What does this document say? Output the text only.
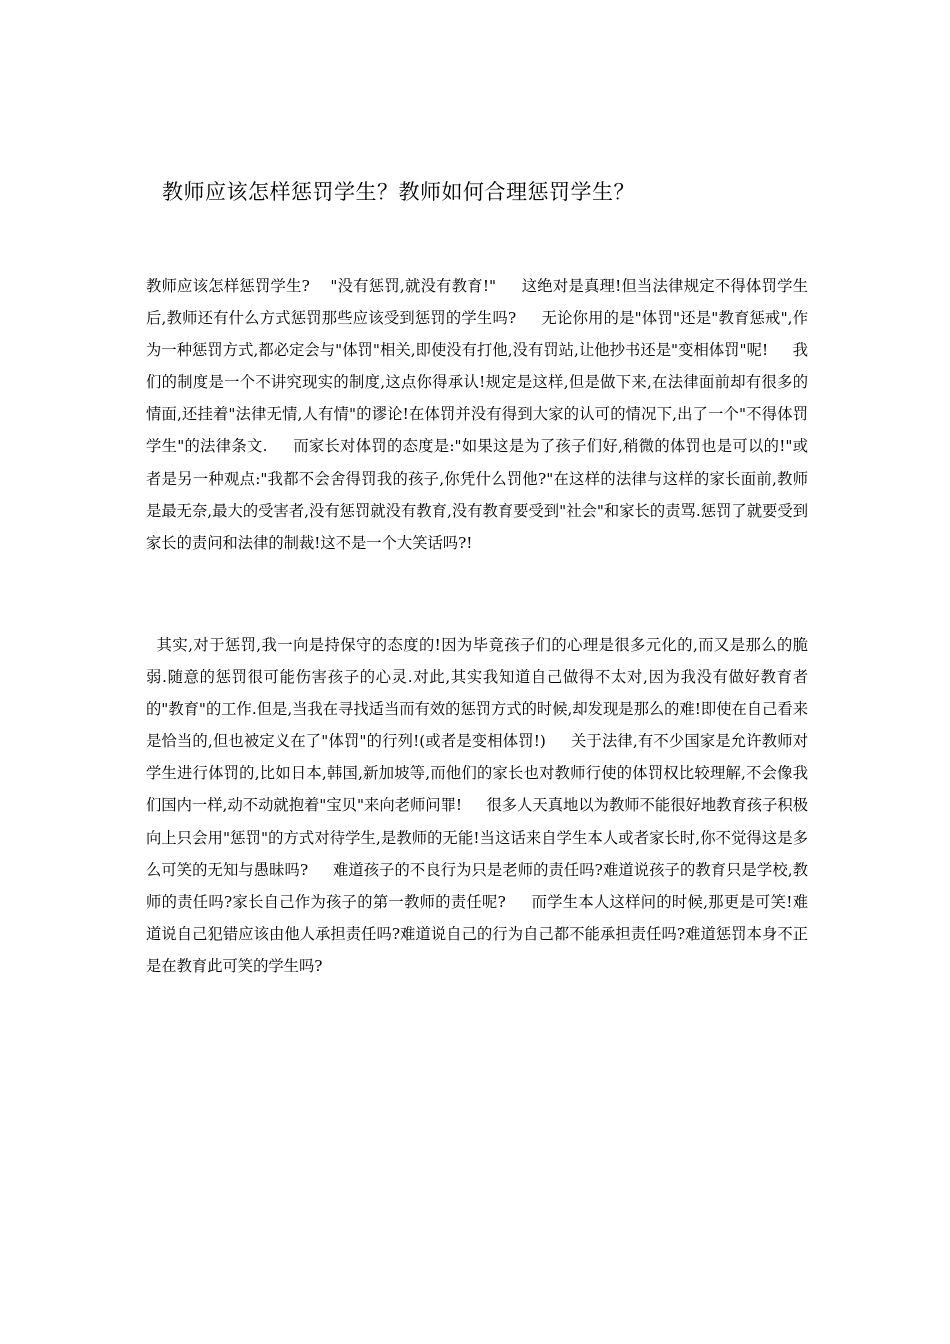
教师应该怎样惩罚学生？教师如何合理惩罚学生？

教师应该怎样惩罚学生?    "没有惩罚,就没有教育!"     这绝对是真理!但当法律规定不得体罚学生后,教师还有什么方式惩罚那些应该受到惩罚的学生吗?     无论你用的是"体罚"还是"教育惩戒",作为一种惩罚方式,都必定会与"体罚"相关,即使没有打他,没有罚站,让他抄书还是"变相体罚"呢!     我们的制度是一个不讲究现实的制度,这点你得承认!规定是这样,但是做下来,在法律面前却有很多的情面,还挂着"法律无情,人有情"的谬论!在体罚并没有得到大家的认可的情况下,出了一个"不得体罚学生"的法律条文.     而家长对体罚的态度是:"如果这是为了孩子们好,稍微的体罚也是可以的!"或者是另一种观点:"我都不会舍得罚我的孩子,你凭什么罚他?"在这样的法律与这样的家长面前,教师是最无奈,最大的受害者,没有惩罚就没有教育,没有教育要受到"社会"和家长的责骂.惩罚了就要受到家长的责问和法律的制裁!这不是一个大笑话吗?!

其实,对于惩罚,我一向是持保守的态度的!因为毕竟孩子们的心理是很多元化的,而又是那么的脆弱.随意的惩罚很可能伤害孩子的心灵.对此,其实我知道自己做得不太对,因为我没有做好教育者的"教育"的工作.但是,当我在寻找适当而有效的惩罚方式的时候,却发现是那么的难!即使在自己看来是恰当的,但也被定义在了"体罚"的行列!(或者是变相体罚!)     关于法律,有不少国家是允许教师对学生进行体罚的,比如日本,韩国,新加坡等,而他们的家长也对教师行使的体罚权比较理解,不会像我们国内一样,动不动就抱着"宝贝"来向老师问罪!     很多人天真地以为教师不能很好地教育孩子积极向上只会用"惩罚"的方式对待学生,是教师的无能!当这话来自学生本人或者家长时,你不觉得这是多么可笑的无知与愚昧吗?     难道孩子的不良行为只是老师的责任吗?难道说孩子的教育只是学校,教师的责任吗?家长自己作为孩子的第一教师的责任呢?     而学生本人这样问的时候,那更是可笑!难道说自己犯错应该由他人承担责任吗?难道说自己的行为自己都不能承担责任吗?难道惩罚本身不正是在教育此可笑的学生吗?
